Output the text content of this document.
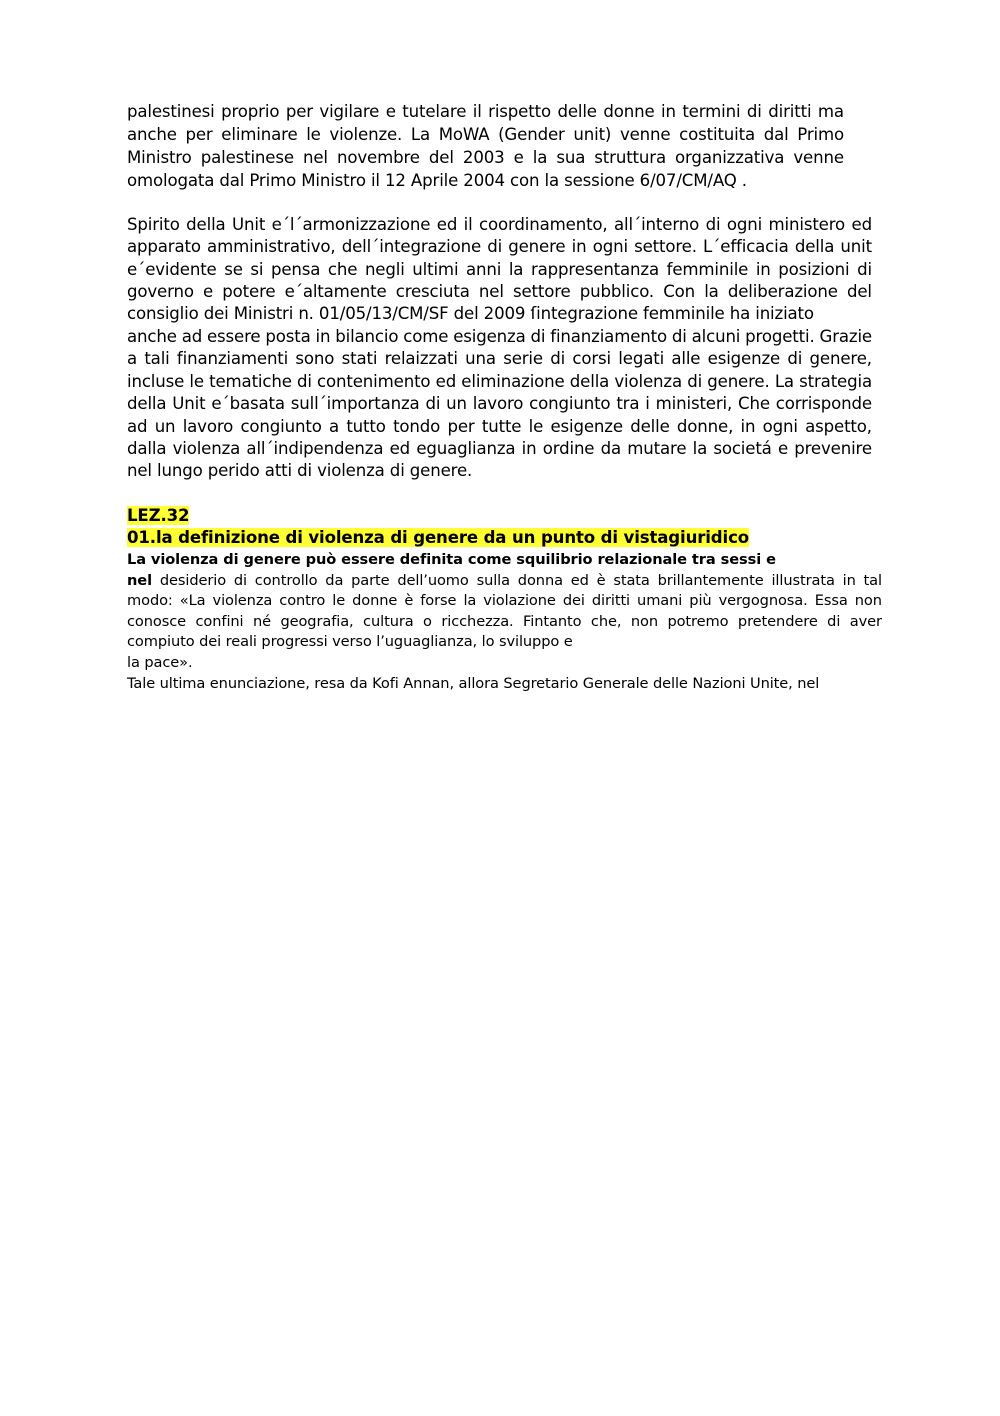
palestinesi proprio per vigilare e tutelare il rispetto delle donne in termini di diritti ma
anche per eliminare le violenze. La MoWA (Gender unit) venne costituita dal Primo
Ministro palestinese nel novembre del 2003 e la sua struttura organizzativa venne
omologata dal Primo Ministro il 12 Aprile 2004 con la sessione 6/07/CM/AQ .
Spirito della Unit e´l´armonizzazione ed il coordinamento, all´interno di ogni ministero ed
apparato amministrativo, dell´integrazione di genere in ogni settore. L´efficacia della unit
e´evidente se si pensa che negli ultimi anni la rappresentanza femminile in posizioni di
governo e potere e´altamente cresciuta nel settore pubblico. Con la deliberazione del
consiglio dei Ministri n. 01/05/13/CM/SF del 2009 ſintegrazione femminile ha iniziato
anche ad essere posta in bilancio come esigenza di finanziamento di alcuni progetti. Grazie
a tali finanziamenti sono stati relaizzati una serie di corsi legati alle esigenze di genere,
incluse le tematiche di contenimento ed eliminazione della violenza di genere. La strategia
della Unit e´basata sull´importanza di un lavoro congiunto tra i ministeri, Che corrisponde
ad un lavoro congiunto a tutto tondo per tutte le esigenze delle donne, in ogni aspetto,
dalla violenza all´indipendenza ed eguaglianza in ordine da mutare la societá e prevenire
nel lungo perido atti di violenza di genere.
LEZ.32
01.la definizione di violenza di genere da un punto di vistagiuridico
La violenza di genere può essere definita come squilibrio relazionale tra sessi e
nel desiderio di controllo da parte dell’uomo sulla donna ed è stata brillantemente illustrata in tal
modo: «La violenza contro le donne è forse la violazione dei diritti umani più vergognosa. Essa non
conosce confini né geografia, cultura o ricchezza. Fintanto che, non potremo pretendere di aver
compiuto dei reali progressi verso l’uguaglianza, lo sviluppo e
la pace».
Tale ultima enunciazione, resa da Kofi Annan, allora Segretario Generale delle Nazioni Unite, nel
